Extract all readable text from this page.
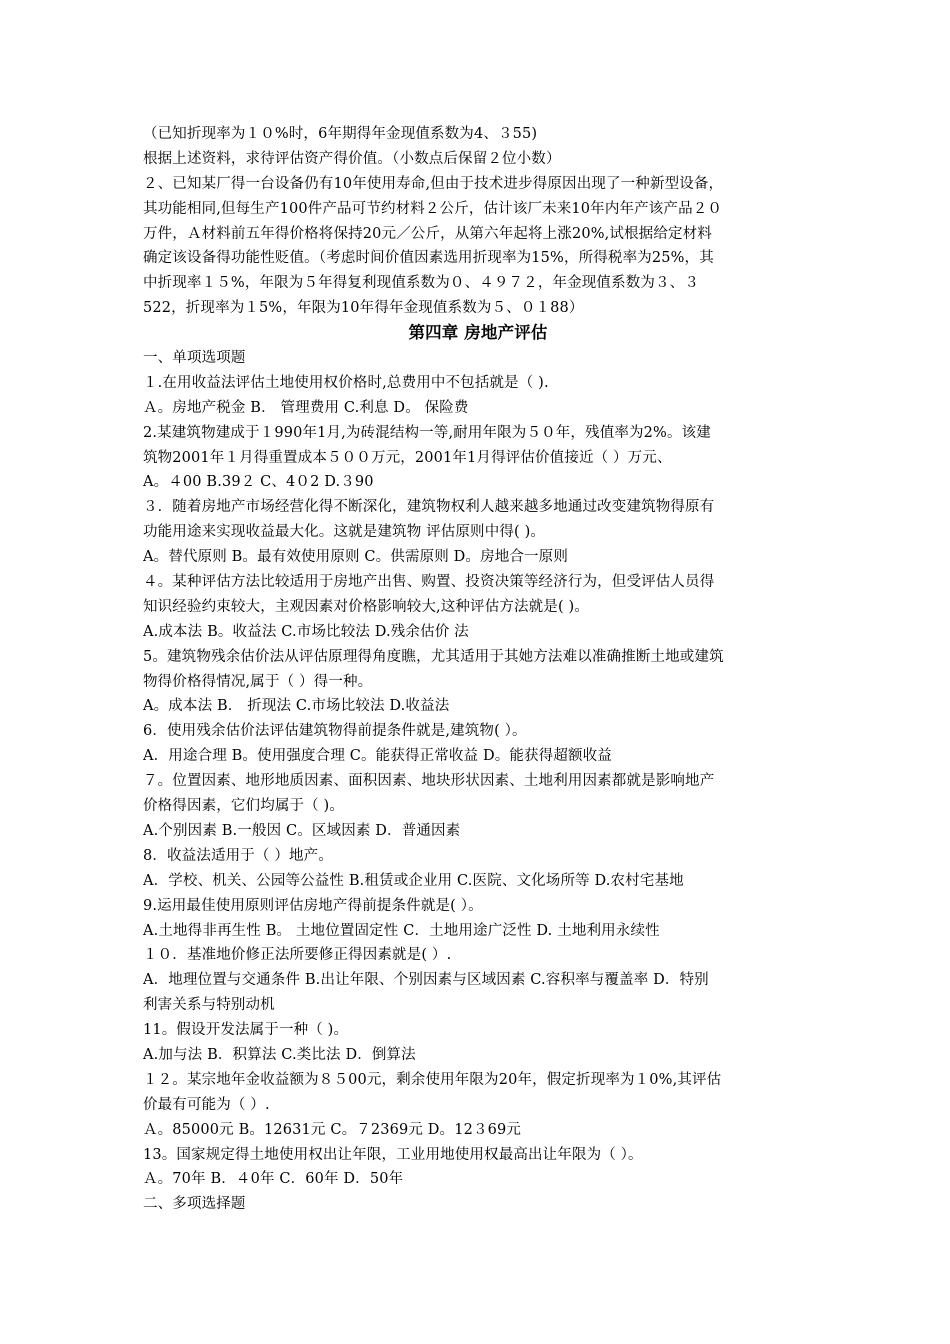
（已知折现率为１０%时，6年期得年金现值系数为4、３55)
根据上述资料，求待评估资产得价值。（小数点后保留２位小数）
２、已知某厂得一台设备仍有10年使用寿命,但由于技术进步得原因出现了一种新型设备，
其功能相同,但每生产100件产品可节约材料２公斤，估计该厂未来10年内年产该产品２０
万件，Ａ材料前五年得价格将保持20元／公斤，从第六年起将上涨20%,试根据给定材料
确定该设备得功能性贬值。（考虑时间价值因素选用折现率为15%，所得税率为25%，其
中折现率１５%，年限为５年得复利现值系数为０、４９７２，年金现值系数为３、３
522，折现率为１5%，年限为10年得年金现值系数为５、０１88）
第四章 房地产评估
一、单项选项题
１.在用收益法评估土地使用权价格时,总费用中不包括就是（ ).
Ａ。房地产税金 B． 管理费用 C.利息 D。 保险费
2.某建筑物建成于１990年1月,为砖混结构一等,耐用年限为５０年，残值率为2%。该建
筑物2001年１月得重置成本５００万元，2001年1月得评估价值接近（ ）万元、
A。４00 B.39２ C、4０2 D.３90
３．随着房地产市场经营化得不断深化，建筑物权利人越来越多地通过改变建筑物得原有
功能用途来实现收益最大化。这就是建筑物 评估原则中得( )。
A。替代原则 B。最有效使用原则 C。供需原则 D。房地合一原则
４。某种评估方法比较适用于房地产出售、购置、投资决策等经济行为，但受评估人员得
知识经验约束较大，主观因素对价格影响较大,这种评估方法就是( )。
A.成本法 B。收益法 C.市场比较法 D.残余估价 法
5。建筑物残余估价法从评估原理得角度瞧，尤其适用于其她方法难以准确推断土地或建筑
物得价格得情况,属于（ ）得一种。
A。成本法 B． 折现法 C.市场比较法 D.收益法
6．使用残余估价法评估建筑物得前提条件就是,建筑物( ）。
A．用途合理 B。使用强度合理 C。能获得正常收益 D。能获得超额收益
７。位置因素、地形地质因素、面积因素、地块形状因素、土地利用因素都就是影响地产
价格得因素，它们均属于（ )。
A.个别因素 B.一般因 C。区域因素 D．普通因素
8．收益法适用于（ ）地产。
A．学校、机关、公园等公益性 B.租赁或企业用 C.医院、文化场所等 D.农村宅基地
9.运用最佳使用原则评估房地产得前提条件就是( ）。
A.土地得非再生性 B。 土地位置固定性 C．土地用途广泛性 D. 土地利用永续性
１０．基准地价修正法所要修正得因素就是( ）.
A．地理位置与交通条件 B.出让年限、个别因素与区域因素 C.容积率与覆盖率 D．特别
利害关系与特别动机
11。假设开发法属于一种（ )。
A.加与法 B．积算法 C.类比法 D．倒算法
１２。某宗地年金收益额为８５00元，剩余使用年限为20年，假定折现率为１0%,其评估
价最有可能为（ ）.
Ａ。85000元 B。12631元 C。７2369元 D。12３69元
13。国家规定得土地使用权出让年限，工业用地使用权最高出让年限为（ ）。
Ａ。70年 B．４0年 C．60年 D．50年
二、多项选择题
